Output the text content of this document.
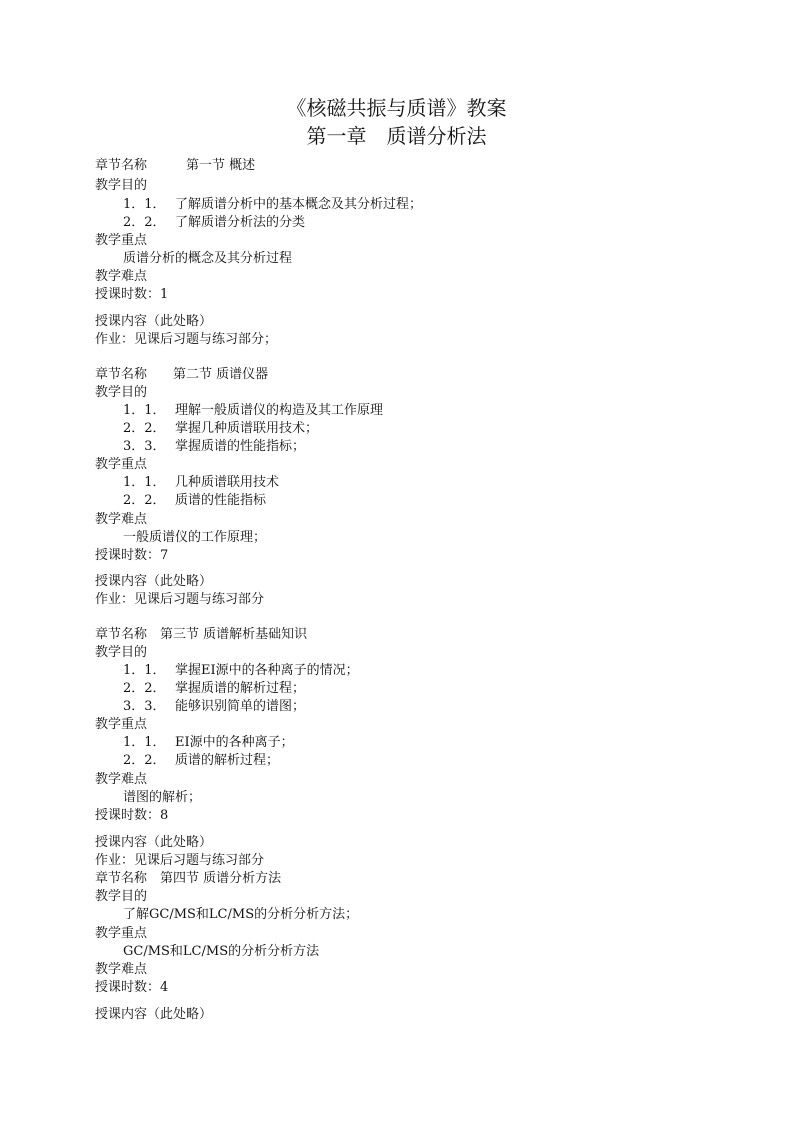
《核磁共振与质谱》教案
第一章　质谱分析法
章节名称　　　	第一节 概述
教学目的
1．1． 了解质谱分析中的基本概念及其分析过程；
2．2． 了解质谱分析法的分类
教学重点
质谱分析的概念及其分析过程
教学难点
授课时数：1
授课内容（此处略）
作业：见课后习题与练习部分；
章节名称　　 第二节 质谱仪器
教学目的
1．1． 理解一般质谱仪的构造及其工作原理
2．2． 掌握几种质谱联用技术；
3．3． 掌握质谱的性能指标；
教学重点
1．1． 几种质谱联用技术
2．2． 质谱的性能指标
教学难点
一般质谱仪的工作原理；
授课时数：7
授课内容（此处略）
作业：见课后习题与练习部分
章节名称　 第三节 质谱解析基础知识
教学目的
1．1． 掌握EI源中的各种离子的情况；
2．2． 掌握质谱的解析过程；
3．3． 能够识别简单的谱图；
教学重点
1．1． EI源中的各种离子；
2．2． 质谱的解析过程；
教学难点
谱图的解析；
授课时数：8
授课内容（此处略）
作业：见课后习题与练习部分
章节名称　 第四节 质谱分析方法
教学目的
了解GC/MS和LC/MS的分析分析方法；
教学重点
GC/MS和LC/MS的分析分析方法
教学难点
授课时数：4
授课内容（此处略）
